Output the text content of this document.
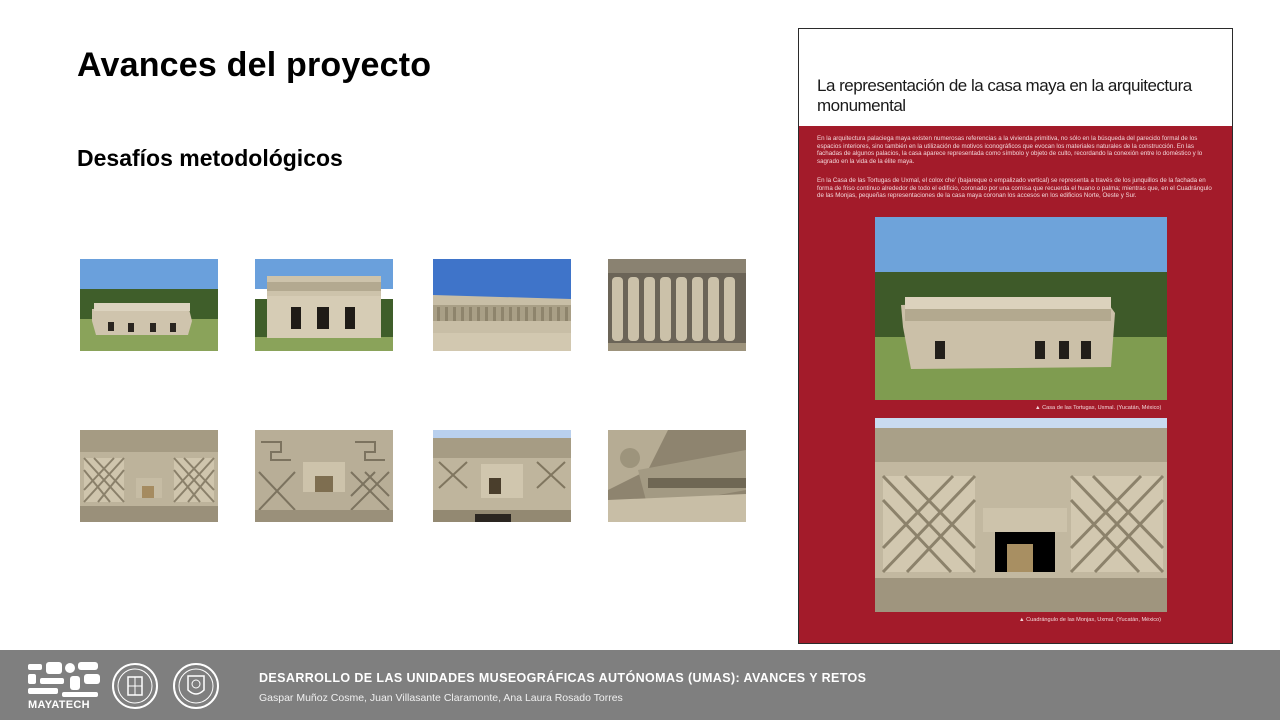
Avances del proyecto
Desafíos metodológicos
La representación de la casa maya en la arquitectura monumental
En la arquitectura palaciega maya existen numerosas referencias a la vivienda primitiva, no sólo en la búsqueda del parecido formal de los espacios interiores, sino también en la utilización de motivos iconográficos que evocan los materiales naturales de la construcción. En las fachadas de algunos palacios, la casa aparece representada como símbolo y objeto de culto, recordando la conexión entre lo doméstico y lo sagrado en la vida de la élite maya.
En la Casa de las Tortugas de Uxmal, el colox che' (bajareque o empalizado vertical) se representa a través de los junquillos de la fachada en forma de friso continuo alrededor de todo el edificio, coronado por una cornisa que recuerda el huano o palma; mientras que, en el Cuadrángulo de las Monjas, pequeñas representaciones de la casa maya coronan los accesos en los edificios Norte, Oeste y Sur.
▲ Casa de las Tortugas, Uxmal. (Yucatán, México)
▲ Cuadrángulo de las Monjas, Uxmal. (Yucatán, México)
MAYATECH
DESARROLLO DE LAS UNIDADES MUSEOGRÁFICAS AUTÓNOMAS (UMAS): AVANCES Y RETOS
Gaspar Muñoz Cosme, Juan Villasante Claramonte, Ana Laura Rosado Torres
